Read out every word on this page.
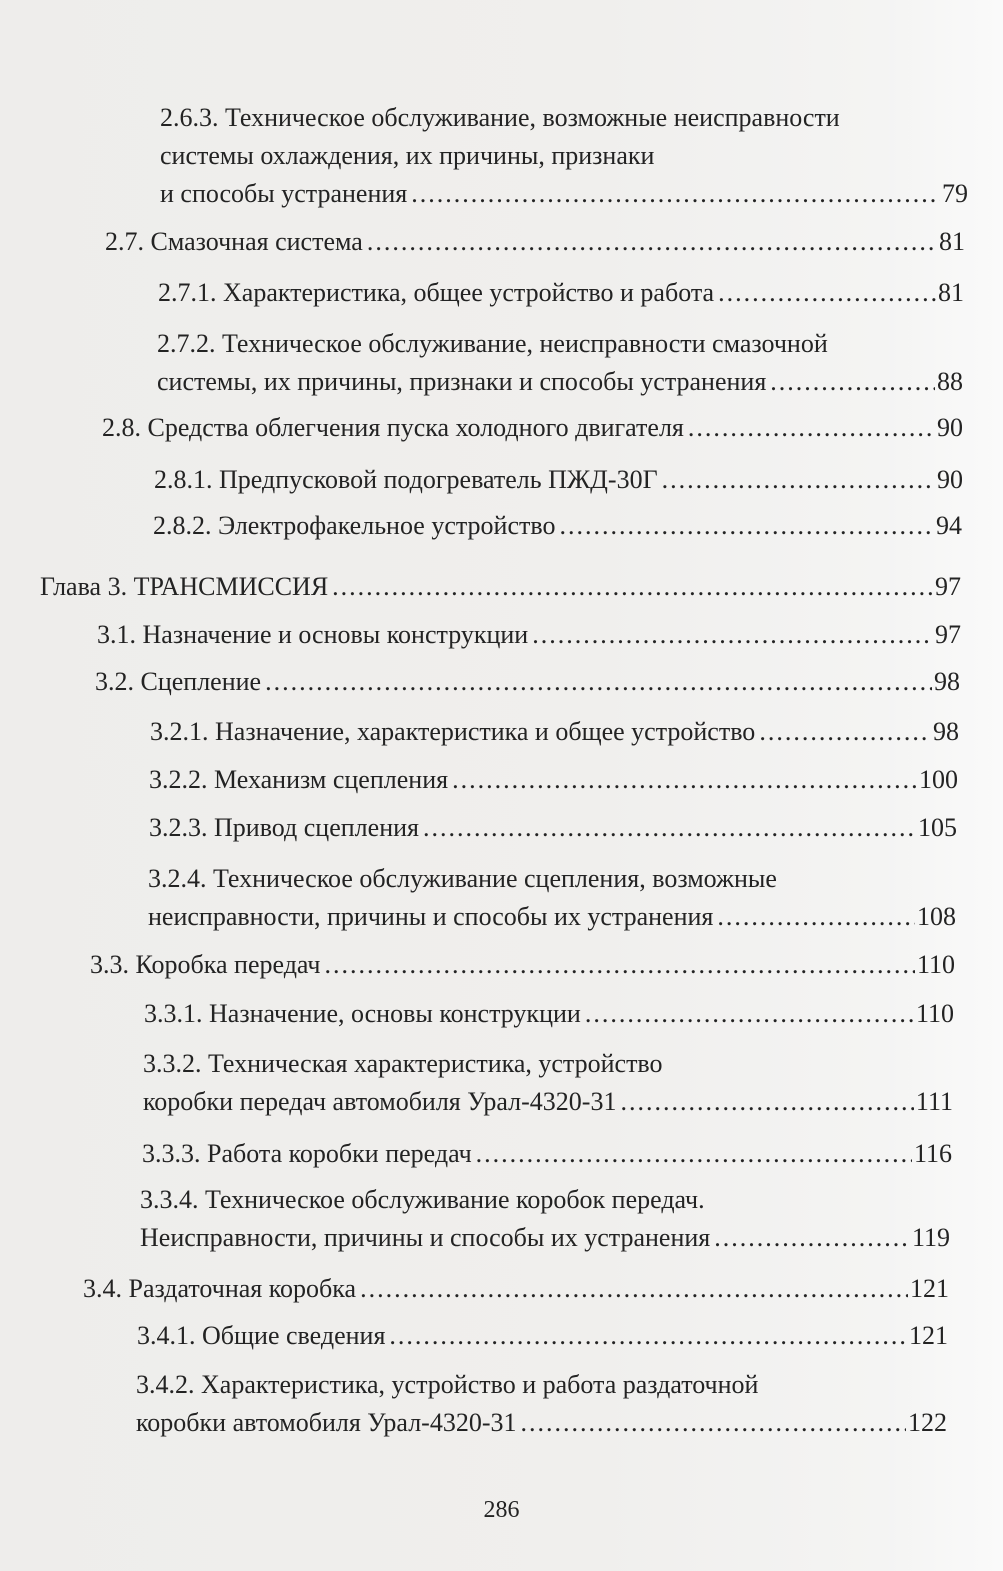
2.6.3. Техническое обслуживание, возможные неисправности
системы охлаждения, их причины, признаки
и способы устранения .....	79
2.7. Смазочная система .....	81
2.7.1. Характеристика, общее устройство и работа .....	81
2.7.2. Техническое обслуживание, неисправности смазочной
системы, их причины, признаки и способы устранения .....	88
2.8. Средства облегчения пуска холодного двигателя .....	90
2.8.1. Предпусковой подогреватель ПЖД-30Г .....	90
2.8.2. Электрофакельное устройство .....	94
Глава 3. ТРАНСМИССИЯ .....	97
3.1. Назначение и основы конструкции .....	97
3.2. Сцепление .....	98
3.2.1. Назначение, характеристика и общее устройство .....	98
3.2.2. Механизм сцепления .....	100
3.2.3. Привод сцепления .....	105
3.2.4. Техническое обслуживание сцепления, возможные
неисправности, причины и способы их устранения .....	108
3.3. Коробка передач .....	110
3.3.1. Назначение, основы конструкции .....	110
3.3.2. Техническая характеристика, устройство
коробки передач автомобиля Урал-4320-31 .....	111
3.3.3. Работа коробки передач .....	116
3.3.4. Техническое обслуживание коробок передач.
Неисправности, причины и способы их устранения .....	119
3.4. Раздаточная коробка .....	121
3.4.1. Общие сведения .....	121
3.4.2. Характеристика, устройство и работа раздаточной
коробки автомобиля Урал-4320-31 .....	122
286
